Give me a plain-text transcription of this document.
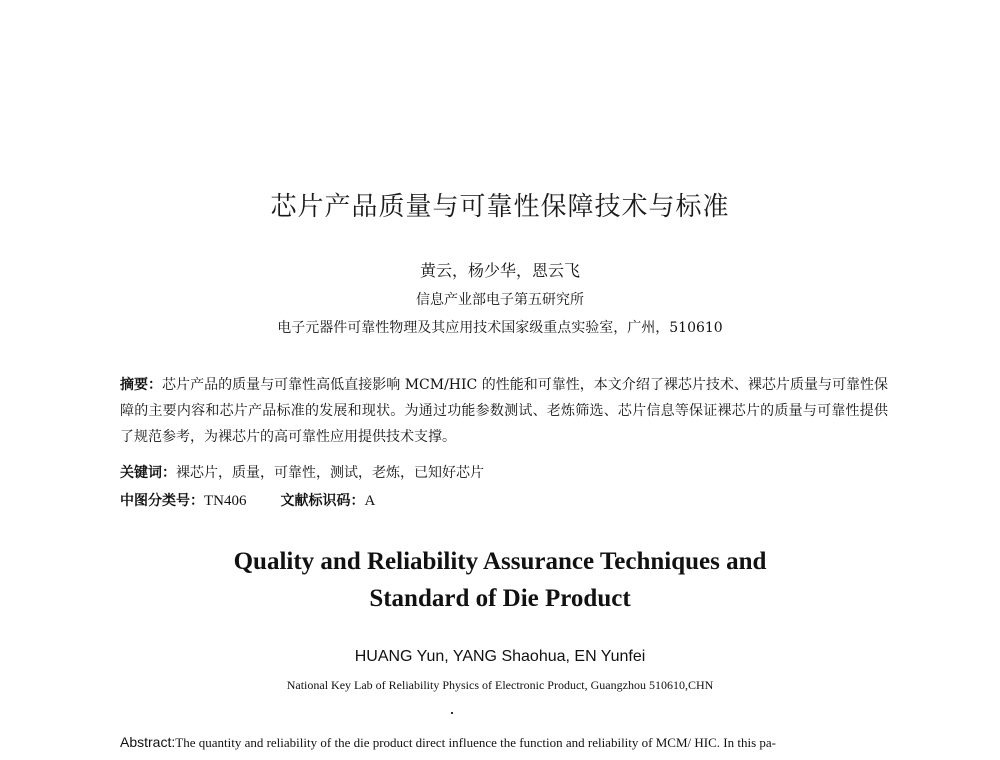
芯片产品质量与可靠性保障技术与标准
黄云，杨少华，恩云飞
信息产业部电子第五研究所
电子元器件可靠性物理及其应用技术国家级重点实验室，广州，510610
摘要：芯片产品的质量与可靠性高低直接影响 MCM/HIC 的性能和可靠性，本文介绍了裸芯片技术、裸芯片质量与可靠性保障的主要内容和芯片产品标准的发展和现状。为通过功能参数测试、老炼筛选、芯片信息等保证裸芯片的质量与可靠性提供了规范参考，为裸芯片的高可靠性应用提供技术支撑。
关键词：裸芯片，质量，可靠性，测试，老炼，已知好芯片
中图分类号：TN406 文献标识码：A
Quality and Reliability Assurance Techniques and
Standard of Die Product
HUANG Yun, YANG Shaohua, EN Yunfei
National Key Lab of Reliability Physics of Electronic Product, Guangzhou 510610,CHN
Abstract:The quantity and reliability of the die product direct influence the function and reliability of MCM/ HIC. In this pa-
